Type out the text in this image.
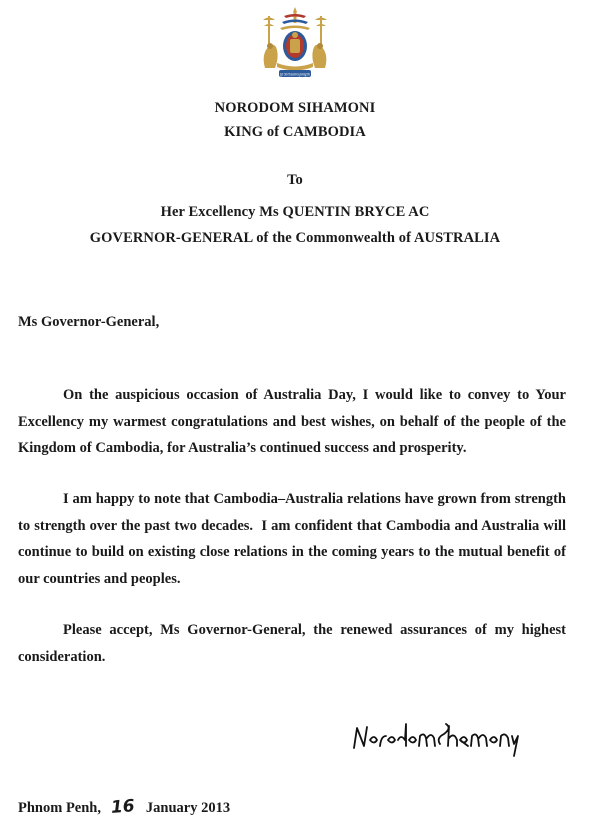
ព្រះរាជាណាចក្រកម្ពុជា
NORODOM SIHAMONI
KING of CAMBODIA
To
Her Excellency Ms QUENTIN BRYCE AC
GOVERNOR-GENERAL of the Commonwealth of AUSTRALIA
Ms Governor-General,

On the auspicious occasion of Australia Day, I would like to convey to Your Excellency my warmest congratulations and best wishes, on behalf of the people of the Kingdom of Cambodia, for Australia’s continued success and prosperity.

I am happy to note that Cambodia–Australia relations have grown from strength to strength over the past two decades.  I am confident that Cambodia and Australia will continue to build on existing close relations in the coming years to the mutual benefit of our countries and peoples.

Please accept, Ms Governor-General, the renewed assurances of my highest consideration.

Phnom Penh, 16 January 2013
